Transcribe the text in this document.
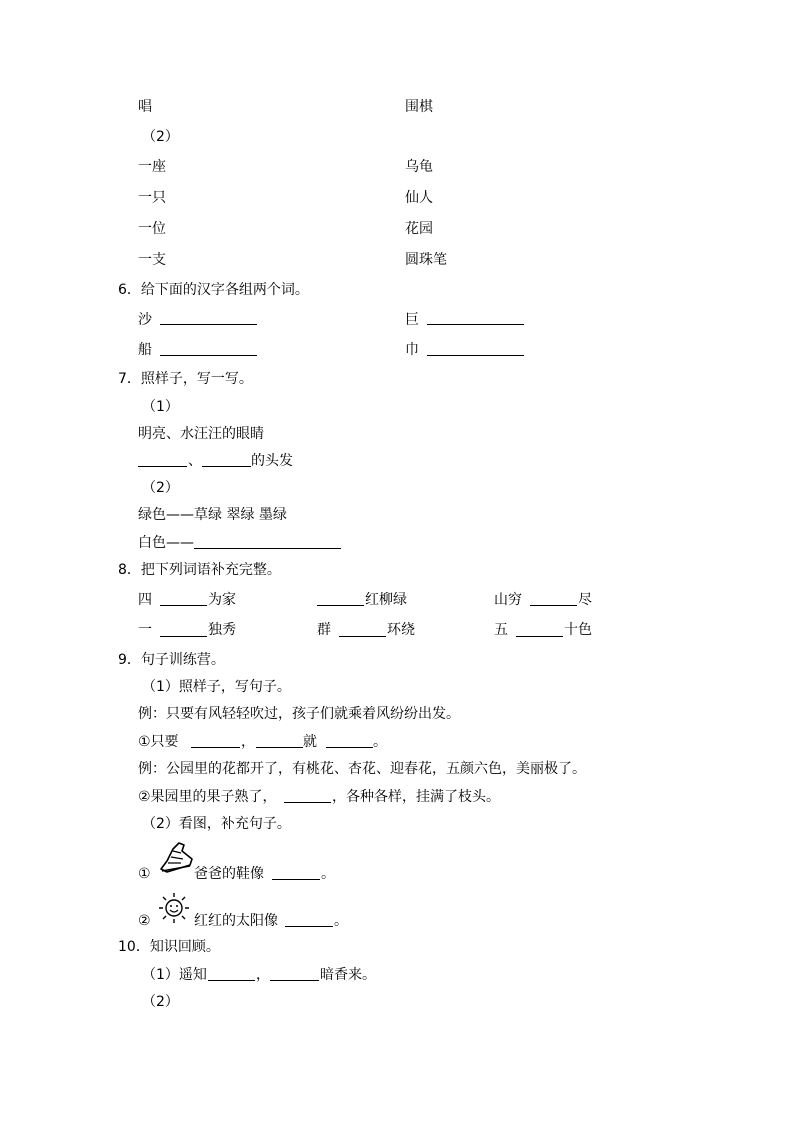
唱	围棋
（2）
一座	乌龟
一只	仙人
一位	花园
一支	圆珠笔
6．给下面的汉字各组两个词。
沙	巨
船	巾
7．照样子，写一写。
（1）
明亮、水汪汪的眼睛
、	的头发
（2）
绿色——草绿 翠绿 墨绿
白色——
8．把下列词语补充完整。
四	为家	红柳绿	山穷	尽
一	独秀	群	环绕	五	十色
9．句子训练营。
（1）照样子，写句子。
例：只要有风轻轻吹过，孩子们就乘着风纷纷出发。
①只要	，	就	。
例：公园里的花都开了，有桃花、杏花、迎春花，五颜六色，美丽极了。
②果园里的果子熟了，	，各种各样，挂满了枝头。
（2）看图，补充句子。
①	爸爸的鞋像	。
②	红红的太阳像	。
10．知识回顾。
（1）遥知	，	暗香来。
（2）
